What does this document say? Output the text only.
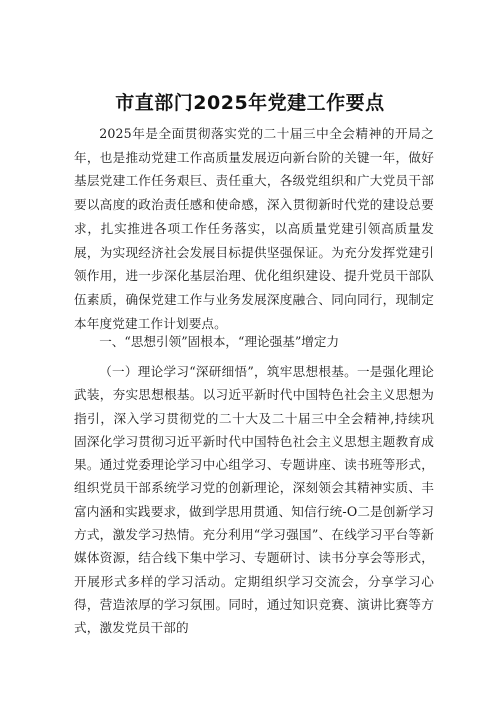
市直部门2025年党建工作要点

2025年是全面贯彻落实党的二十届三中全会精神的开局之年，也是推动党建工作高质量发展迈向新台阶的关键一年，做好基层党建工作任务艰巨、责任重大，各级党组织和广大党员干部要以高度的政治责任感和使命感，深入贯彻新时代党的建设总要求，扎实推进各项工作任务落实，以高质量党建引领高质量发展，为实现经济社会发展目标提供坚强保证。为充分发挥党建引领作用，进一步深化基层治理、优化组织建设、提升党员干部队伍素质，确保党建工作与业务发展深度融合、同向同行，现制定本年度党建工作计划要点。

一、“思想引领”固根本，“理论强基”增定力

（一）理论学习“深研细悟”，筑牢思想根基。一是强化理论武装，夯实思想根基。以习近平新时代中国特色社会主义思想为指引，深入学习贯彻党的二十大及二十届三中全会精神,持续巩固深化学习贯彻习近平新时代中国特色社会主义思想主题教育成果。通过党委理论学习中心组学习、专题讲座、读书班等形式，组织党员干部系统学习党的创新理论，深刻领会其精神实质、丰富内涵和实践要求，做到学思用贯通、知信行统-O二是创新学习方式，激发学习热情。充分利用“学习强国”、在线学习平台等新媒体资源，结合线下集中学习、专题研讨、读书分享会等形式，开展形式多样的学习活动。定期组织学习交流会，分享学习心得，营造浓厚的学习氛围。同时，通过知识竞赛、演讲比赛等方式，激发党员干部的
